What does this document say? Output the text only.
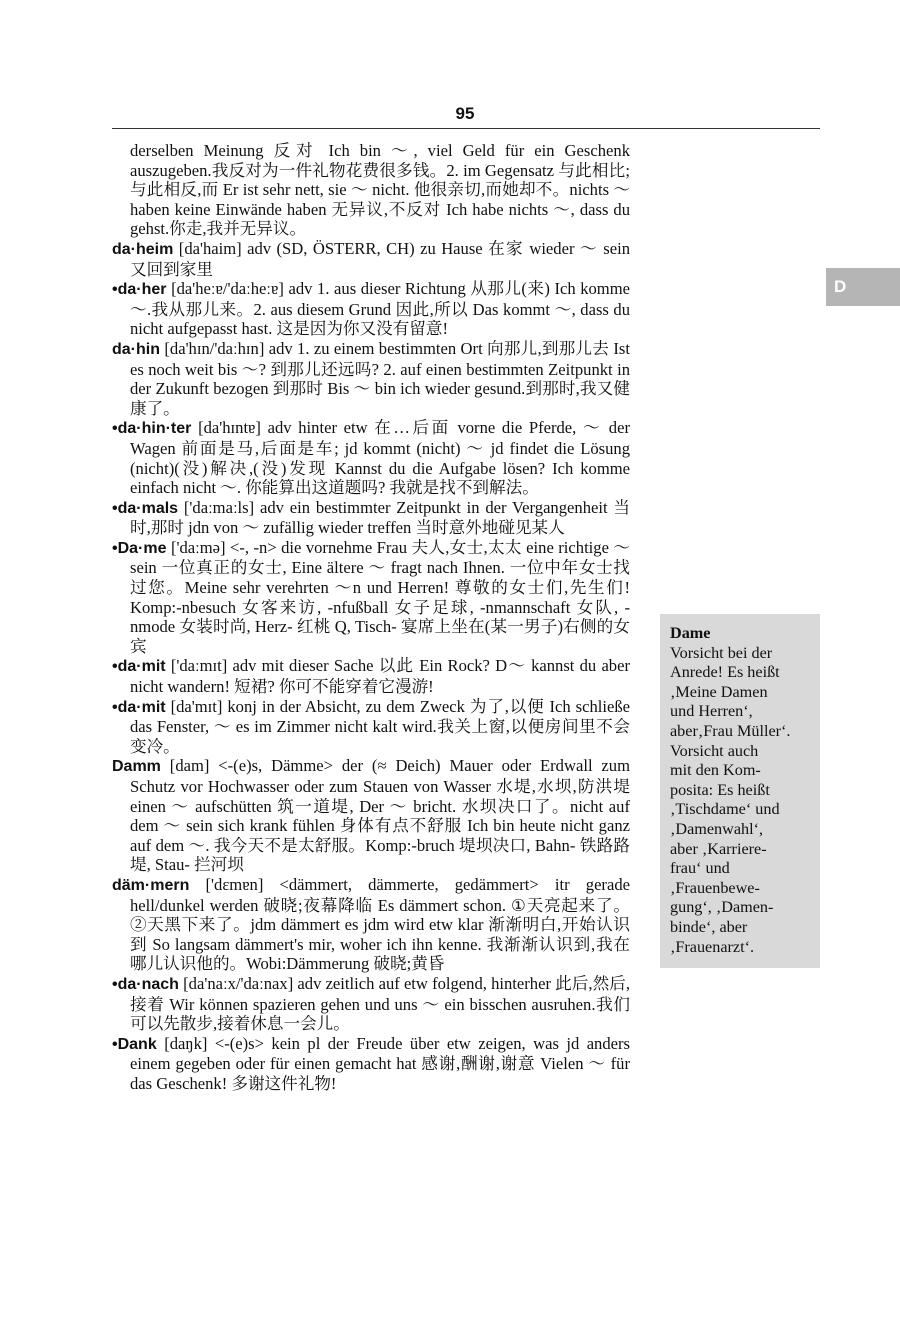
95
D

derselben Meinung 反对 Ich bin ～, viel Geld für ein Geschenk auszugeben.我反对为一件礼物花费很多钱。2. im Gegensatz 与此相比;与此相反,而 Er ist sehr nett, sie ～ nicht. 他很亲切,而她却不。nichts ～ haben keine Einwände haben 无异议,不反对 Ich habe nichts ～, dass du gehst.你走,我并无异议。

da·heim [da'haim] adv (SD, ÖSTERR, CH) zu Hause 在家 wieder ～ sein 又回到家里

•da·her [da'heːɐ/'daːheːɐ] adv 1. aus dieser Richtung 从那儿(来) Ich komme ～.我从那儿来。2. aus diesem Grund 因此,所以 Das kommt ～, dass du nicht aufgepasst hast. 这是因为你又没有留意!

da·hin [da'hɪn/'daːhɪn] adv 1. zu einem bestimmten Ort 向那儿,到那儿去 Ist es noch weit bis ～? 到那儿还远吗? 2. auf einen bestimmten Zeitpunkt in der Zukunft bezogen 到那时 Bis ～ bin ich wieder gesund.到那时,我又健康了。

•da·hin·ter [da'hɪntɐ] adv hinter etw 在…后面 vorne die Pferde, ～ der Wagen 前面是马,后面是车; jd kommt (nicht) ～ jd findet die Lösung (nicht)(没)解决,(没)发现 Kannst du die Aufgabe lösen? Ich komme einfach nicht ～. 你能算出这道题吗? 我就是找不到解法。

•da·mals ['daːmaːls] adv ein bestimmter Zeitpunkt in der Vergangenheit 当时,那时 jdn von ～ zufällig wieder treffen 当时意外地碰见某人

•Da·me ['daːmə] <-, -n> die vornehme Frau 夫人,女士,太太 eine richtige ～ sein 一位真正的女士, Eine ältere ～ fragt nach Ihnen. 一位中年女士找过您。Meine sehr verehrten ～n und Herren! 尊敬的女士们,先生们! Komp:-nbesuch 女客来访, -nfußball 女子足球, -nmannschaft 女队, -nmode 女装时尚, Herz- 红桃 Q, Tisch- 宴席上坐在(某一男子)右侧的女宾

•da·mit ['daːmɪt] adv mit dieser Sache 以此 Ein Rock? D～ kannst du aber nicht wandern! 短裙? 你可不能穿着它漫游!

•da·mit [da'mɪt] konj in der Absicht, zu dem Zweck 为了,以便 Ich schließe das Fenster, ～ es im Zimmer nicht kalt wird.我关上窗,以便房间里不会变冷。

Damm [dam] <-(e)s, Dämme> der (≈ Deich) Mauer oder Erdwall zum Schutz vor Hochwasser oder zum Stauen von Wasser 水堤,水坝,防洪堤 einen ～ aufschütten 筑一道堤, Der ～ bricht. 水坝决口了。nicht auf dem ～ sein sich krank fühlen 身体有点不舒服 Ich bin heute nicht ganz auf dem ～. 我今天不是太舒服。Komp:-bruch 堤坝决口, Bahn- 铁路路堤, Stau- 拦河坝

däm·mern ['dɛmɐn] <dämmert, dämmerte, gedämmert> itr gerade hell/dunkel werden 破晓;夜幕降临 Es dämmert schon. ①天亮起来了。②天黑下来了。jdm dämmert es jdm wird etw klar 渐渐明白,开始认识到 So langsam dämmert's mir, woher ich ihn kenne. 我渐渐认识到,我在哪儿认识他的。Wobi:Dämmerung 破晓;黄昏

•da·nach [da'naːx/'daːnax] adv zeitlich auf etw folgend, hinterher 此后,然后,接着 Wir können spazieren gehen und uns ～ ein bisschen ausruhen.我们可以先散步,接着休息一会儿。

•Dank [daŋk] <-(e)s> kein pl der Freude über etw zeigen, was jd anders einem gegeben oder für einen gemacht hat 感谢,酬谢,谢意 Vielen ～ für das Geschenk! 多谢这件礼物!

Dame
Vorsicht bei der
Anrede! Es heißt
‚Meine Damen
und Herren‘,
aber‚Frau Müller‘.
Vorsicht auch
mit den Kom-
posita: Es heißt
‚Tischdame‘ und
‚Damenwahl‘,
aber ‚Karriere-
frau‘ und
‚Frauenbewe-
gung‘, ‚Damen-
binde‘, aber
‚Frauenarzt‘.
